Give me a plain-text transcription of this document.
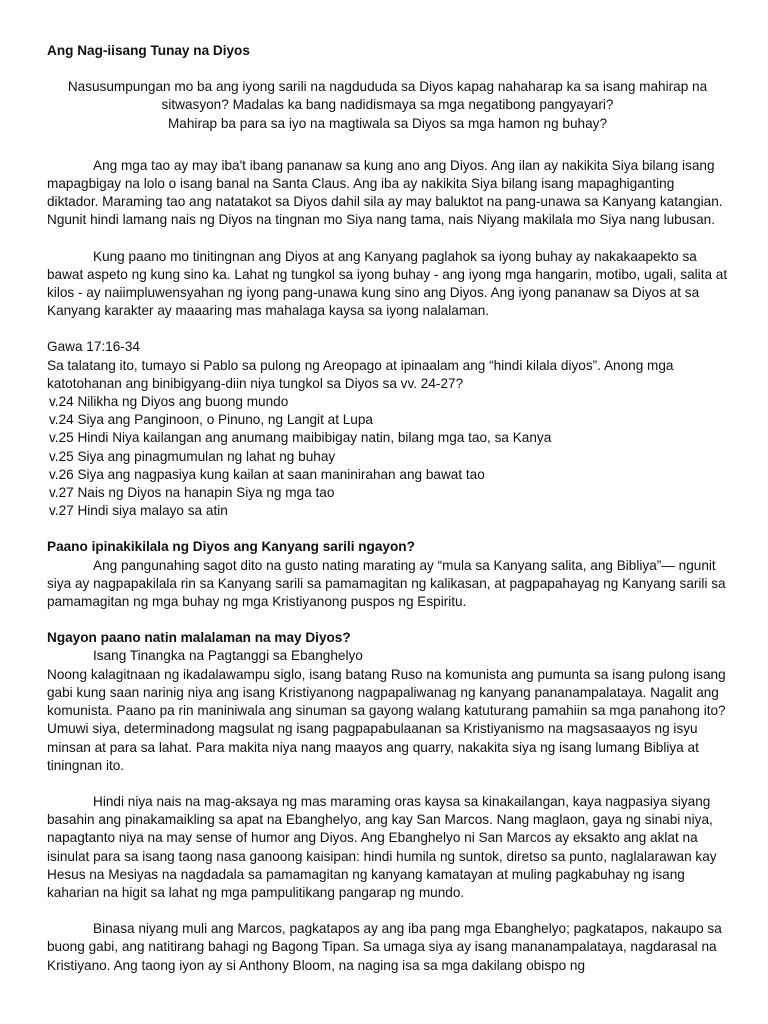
Ang Nag-iisang Tunay na Diyos
Nasusumpungan mo ba ang iyong sarili na nagdududa sa Diyos kapag nahaharap ka sa isang mahirap na
sitwasyon? Madalas ka bang nadidismaya sa mga negatibong pangyayari?
Mahirap ba para sa iyo na magtiwala sa Diyos sa mga hamon ng buhay?

Ang mga tao ay may iba't ibang pananaw sa kung ano ang Diyos. Ang ilan ay nakikita Siya bilang isang mapagbigay na lolo o isang banal na Santa Claus. Ang iba ay nakikita Siya bilang isang mapaghiganting diktador. Maraming tao ang natatakot sa Diyos dahil sila ay may baluktot na pang-unawa sa Kanyang katangian. Ngunit hindi lamang nais ng Diyos na tingnan mo Siya nang tama, nais Niyang makilala mo Siya nang lubusan.

Kung paano mo tinitingnan ang Diyos at ang Kanyang paglahok sa iyong buhay ay nakakaapekto sa bawat aspeto ng kung sino ka. Lahat ng tungkol sa iyong buhay - ang iyong mga hangarin, motibo, ugali, salita at kilos - ay naiimpluwensyahan ng iyong pang-unawa kung sino ang Diyos. Ang iyong pananaw sa Diyos at sa Kanyang karakter ay maaaring mas mahalaga kaysa sa iyong nalalaman.

Gawa 17:16-34
Sa talatang ito, tumayo si Pablo sa pulong ng Areopago at ipinaalam ang “hindi kilala diyos”. Anong mga katotohanan ang binibigyang-diin niya tungkol sa Diyos sa vv. 24-27?
v.24 Nilikha ng Diyos ang buong mundo
v.24 Siya ang Panginoon, o Pinuno, ng Langit at Lupa
v.25 Hindi Niya kailangan ang anumang maibibigay natin, bilang mga tao, sa Kanya
v.25 Siya ang pinagmumulan ng lahat ng buhay
v.26 Siya ang nagpasiya kung kailan at saan maninirahan ang bawat tao
v.27 Nais ng Diyos na hanapin Siya ng mga tao
v.27 Hindi siya malayo sa atin
Paano ipinakikilala ng Diyos ang Kanyang sarili ngayon?

Ang pangunahing sagot dito na gusto nating marating ay “mula sa Kanyang salita, ang Bibliya”— ngunit siya ay nagpapakilala rin sa Kanyang sarili sa pamamagitan ng kalikasan, at pagpapahayag ng Kanyang sarili sa pamamagitan ng mga buhay ng mga Kristiyanong puspos ng Espiritu.

Ngayon paano natin malalaman na may Diyos?
Isang Tinangka na Pagtanggi sa Ebanghelyo

Noong kalagitnaan ng ikadalawampu siglo, isang batang Ruso na komunista ang pumunta sa isang pulong isang gabi kung saan narinig niya ang isang Kristiyanong nagpapaliwanag ng kanyang pananampalataya. Nagalit ang komunista. Paano pa rin maniniwala ang sinuman sa gayong walang katuturang pamahiin sa mga panahong ito? Umuwi siya, determinadong magsulat ng isang pagpapabulaanan sa Kristiyanismo na magsasaayos ng isyu minsan at para sa lahat. Para makita niya nang maayos ang quarry, nakakita siya ng isang lumang Bibliya at tiningnan ito.

Hindi niya nais na mag-aksaya ng mas maraming oras kaysa sa kinakailangan, kaya nagpasiya siyang basahin ang pinakamaikling sa apat na Ebanghelyo, ang kay San Marcos. Nang maglaon, gaya ng sinabi niya, napagtanto niya na may sense of humor ang Diyos. Ang Ebanghelyo ni San Marcos ay eksakto ang aklat na isinulat para sa isang taong nasa ganoong kaisipan: hindi humila ng suntok, diretso sa punto, naglalarawan kay Hesus na Mesiyas na nagdadala sa pamamagitan ng kanyang kamatayan at muling pagkabuhay ng isang kaharian na higit sa lahat ng mga pampulitikang pangarap ng mundo.

Binasa niyang muli ang Marcos, pagkatapos ay ang iba pang mga Ebanghelyo; pagkatapos, nakaupo sa buong gabi, ang natitirang bahagi ng Bagong Tipan. Sa umaga siya ay isang mananampalataya, nagdarasal na Kristiyano. Ang taong iyon ay si Anthony Bloom, na naging isa sa mga dakilang obispo ng
